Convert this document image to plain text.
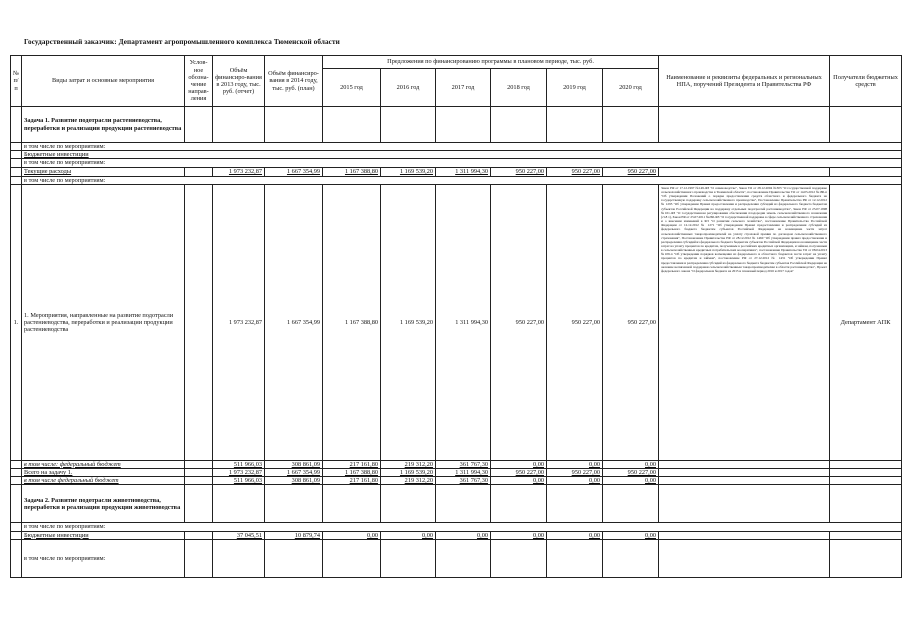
Государственный заказчик: Департамент агропромышленного комплекса Тюменской области
№ п/п	Виды затрат и основные мероприятия	Услов-ное обозна-чение направ-ления	Объём финансиро-вания в 2013 году, тыс. руб. (отчет)	Объём финансиро-вания в 2014 году, тыс. руб. (план)	Предложения по финансированию программы в плановом периоде, тыс. руб.						Наименование и реквизиты федеральных и региональных НПА, поручений Президента и Правительства РФ	Получатели бюджетных средств
					2015 год	2016 год	2017 год	2018 год	2019 год	2020 год		
	Задача 1. Развитие подотрасли растениеводства, переработки и реализации продукции растениеводства											
	в том числе по мероприятиям:											
	Бюджетные инвестиции											
	в том числе по мероприятиям:											
	Текущие расходы		1 973 232,87	1 667 354,99	1 167 388,80	1 169 539,20	1 311 994,30	950 227,00	950 227,00	950 227,00		
	в том числе по мероприятиям:											
1.	1. Мероприятия, направленные на развитие подотрасли растениеводства, переработки и реализации продукции растениеводства		1 973 232,87	1 667 354,99	1 167 388,80	1 169 539,20	1 311 994,30	950 227,00	950 227,00	950 227,00	Закон РФ от 17.12.1997 №149-ФЗ "О семеноводстве", Закон ТО от 28.12.2004 №303 "О государственной поддержке сельскохозяйственного производства в Тюменской области", постановление Правительства ТО от 14.05.2012 №180-п "Об утверждении Положений о порядке предоставления средств областного и федерального бюджета на государственную поддержку сельскохозяйственного производства", Постановление Правительства РФ от 12.12.2012 № 1295 "Об утверждении Правил предоставления и распределения субсидий из федерального бюджета бюджетам субъектов Российской Федерации на поддержку отдельных подотраслей растениеводства", Закон РФ от 25.07.1998 №101-ФЗ "О государственном регулировании обеспечения плодородия земель сельскохозяйственного назначения (ст.8 1), Закон РФ от 25.07.2011 №260-ФЗ "О государственной поддержке в сфере сельскохозяйственного страхования и о внесении изменений в ФЗ "О развитии сельского хозяйства", постановление Правительства Российской Федерации от 12.12.2012 № 1271 "Об утверждении Правил предоставления и распределения субсидий из федерального бюджета бюджетам субъектов Российской Федерации на возмещение части затрат сельскохозяйственных товаропроизводителей на уплату страховой премии по договорам сельскохозяйственного страхования", Постановление Правительства РФ от 28.12.2012 № 1460 "Об утверждении правил предоставления и распределения субсидий из федерального бюджета бюджетам субъектов Российской Федерации на возмещение части затрат на уплату процентов по кредитам, полученным в российских кредитных организациях, и займам, полученным в сельскохозяйственных кредитных потребительских кооперативах", постановление Правительства ТО от 08.04.2013 №109-п "Об утверждении порядков возмещения из федерального и областного бюджетов части затрат на уплату процентов по кредитам и займам", постановление РФ от 27.12.2012 № 1431 "Об утверждении Правил предоставления и распределения субсидий из федерального бюджета бюджетам субъектов Российской Федерации на оказание несвязанной поддержки сельскохозяйственным товаропроизводителям в области растениеводства", Проект федерального закона "О федеральном бюджете на 2015 и плановый период 2016 и 2017 годов"	Департамент АПК
	в том числе: федеральный бюджет		511 966,03	308 861,09	217 161,80	219 312,20	361 767,30	0,00	0,00	0,00		
	Всего на задачу 1.		1 973 232,87	1 667 354,99	1 167 388,80	1 169 539,20	1 311 994,30	950 227,00	950 227,00	950 227,00		
	в том числе федеральный бюджет		511 966,03	308 861,09	217 161,80	219 312,20	361 767,30	0,00	0,00	0,00		
	Задача 2. Развитие подотрасли животноводства, переработки и реализации продукции животноводства											
	в том числе по мероприятиям:											
	Бюджетные инвестиции		37 045,51	10 879,74	0,00	0,00	0,00	0,00	0,00	0,00		
	в том числе по мероприятиям:											
